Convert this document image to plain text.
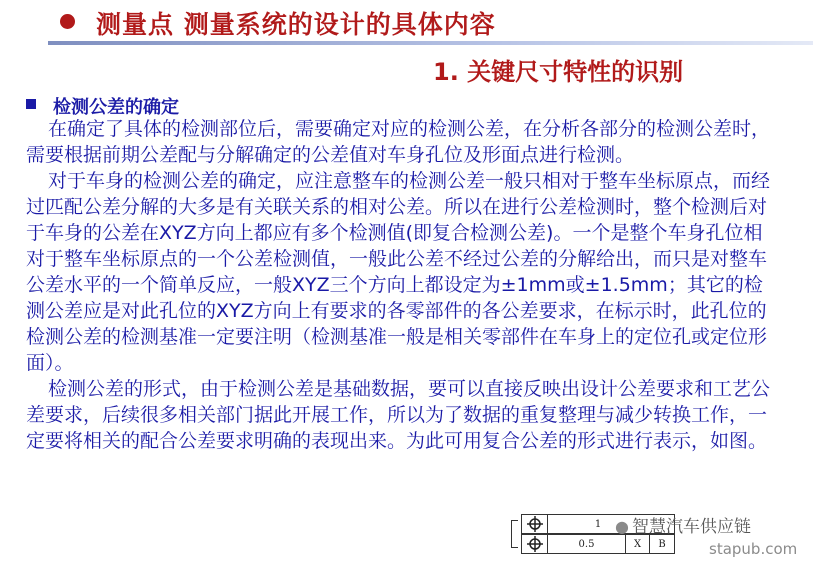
测量点 测量系统的设计的具体内容
1. 关键尺寸特性的识别
检测公差的确定

在确定了具体的检测部位后，需要确定对应的检测公差，在分析各部分的检测公差时，需要根据前期公差配与分解确定的公差值对车身孔位及形面点进行检测。

对于车身的检测公差的确定，应注意整车的检测公差一般只相对于整车坐标原点，而经过匹配公差分解的大多是有关联关系的相对公差。所以在进行公差检测时，整个检测后对于车身的公差在XYZ方向上都应有多个检测值(即复合检测公差)。一个是整个车身孔位相对于整车坐标原点的一个公差检测值，一般此公差不经过公差的分解给出，而只是对整车公差水平的一个简单反应，一般XYZ三个方向上都设定为±1mm或±1.5mm；其它的检测公差应是对此孔位的XYZ方向上有要求的各零部件的各公差要求，在标示时，此孔位的检测公差的检测基准一定要注明（检测基准一般是相关零部件在车身上的定位孔或定位形面）。

检测公差的形式，由于检测公差是基础数据，要可以直接反映出设计公差要求和工艺公差要求，后续很多相关部门据此开展工作，所以为了数据的重复整理与减少转换工作，一定要将相关的配合公差要求明确的表现出来。为此可用复合公差的形式进行表示，如图。

1
0.5	X	B
● 智慧汽车供应链
stapub.com
